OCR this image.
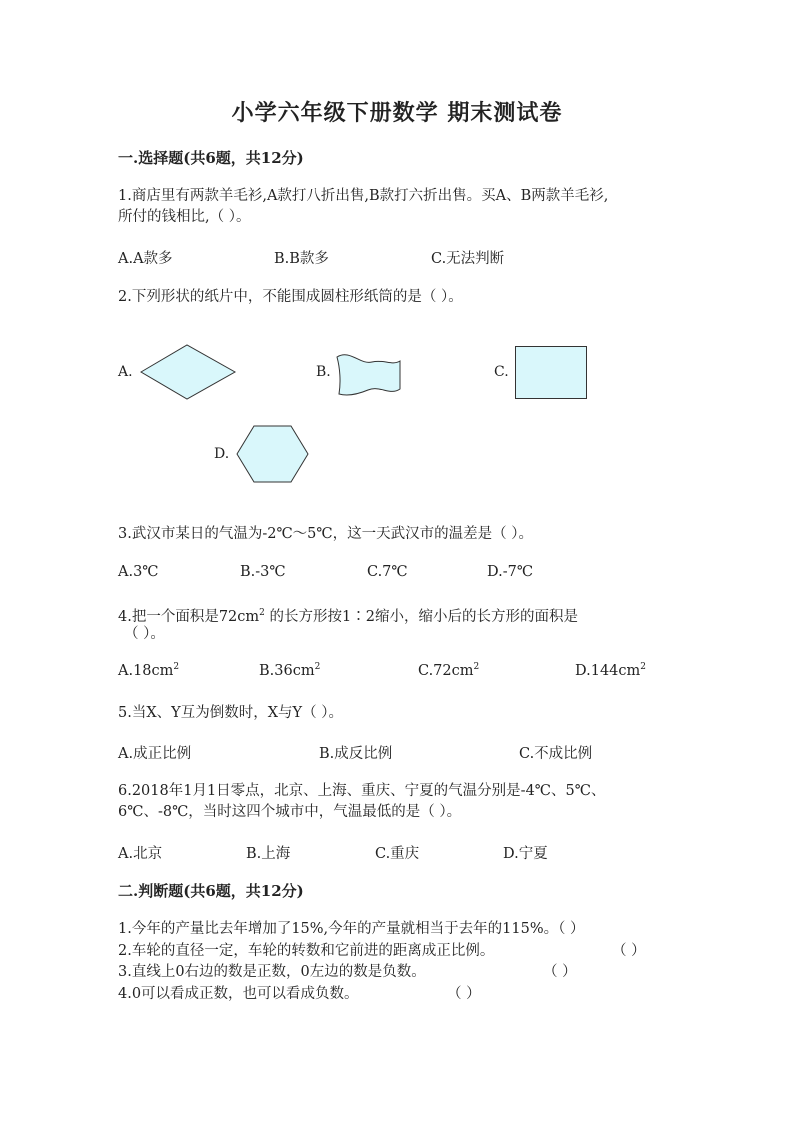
小学六年级下册数学 期末测试卷
一.选择题(共6题，共12分)
1.商店里有两款羊毛衫,A款打八折出售,B款打六折出售。买A、B两款羊毛衫,
所付的钱相比,（ ）。
A.A款多	B.B款多	C.无法判断
2.下列形状的纸片中，不能围成圆柱形纸筒的是（ ）。
A.	B.	C.
D.
3.武汉市某日的气温为-2℃～5℃，这一天武汉市的温差是（ ）。
A.3℃	B.-3℃	C.7℃	D.-7℃
4.把一个面积是$72cm^2$ 的长方形按1∶2缩小，缩小后的长方形的面积是
（ ）。
$A.18cm^2$	$B.36cm^2$	$C.72cm^2$	$D.144cm^2$
5.当X、Y互为倒数时，X与Y（ ）。
A.成正比例	B.成反比例	C.不成比例
6.2018年1月1日零点，北京、上海、重庆、宁夏的气温分别是-4℃、5℃、
6℃、-8℃，当时这四个城市中，气温最低的是（ ）。
A.北京	B.上海	C.重庆	D.宁夏
二.判断题(共6题，共12分)
1.今年的产量比去年增加了15%,今年的产量就相当于去年的115%。（ ）
2.车轮的直径一定，车轮的转数和它前进的距离成正比例。	（ ）
3.直线上0右边的数是正数，0左边的数是负数。	（ ）
4.0可以看成正数，也可以看成负数。	（ ）
